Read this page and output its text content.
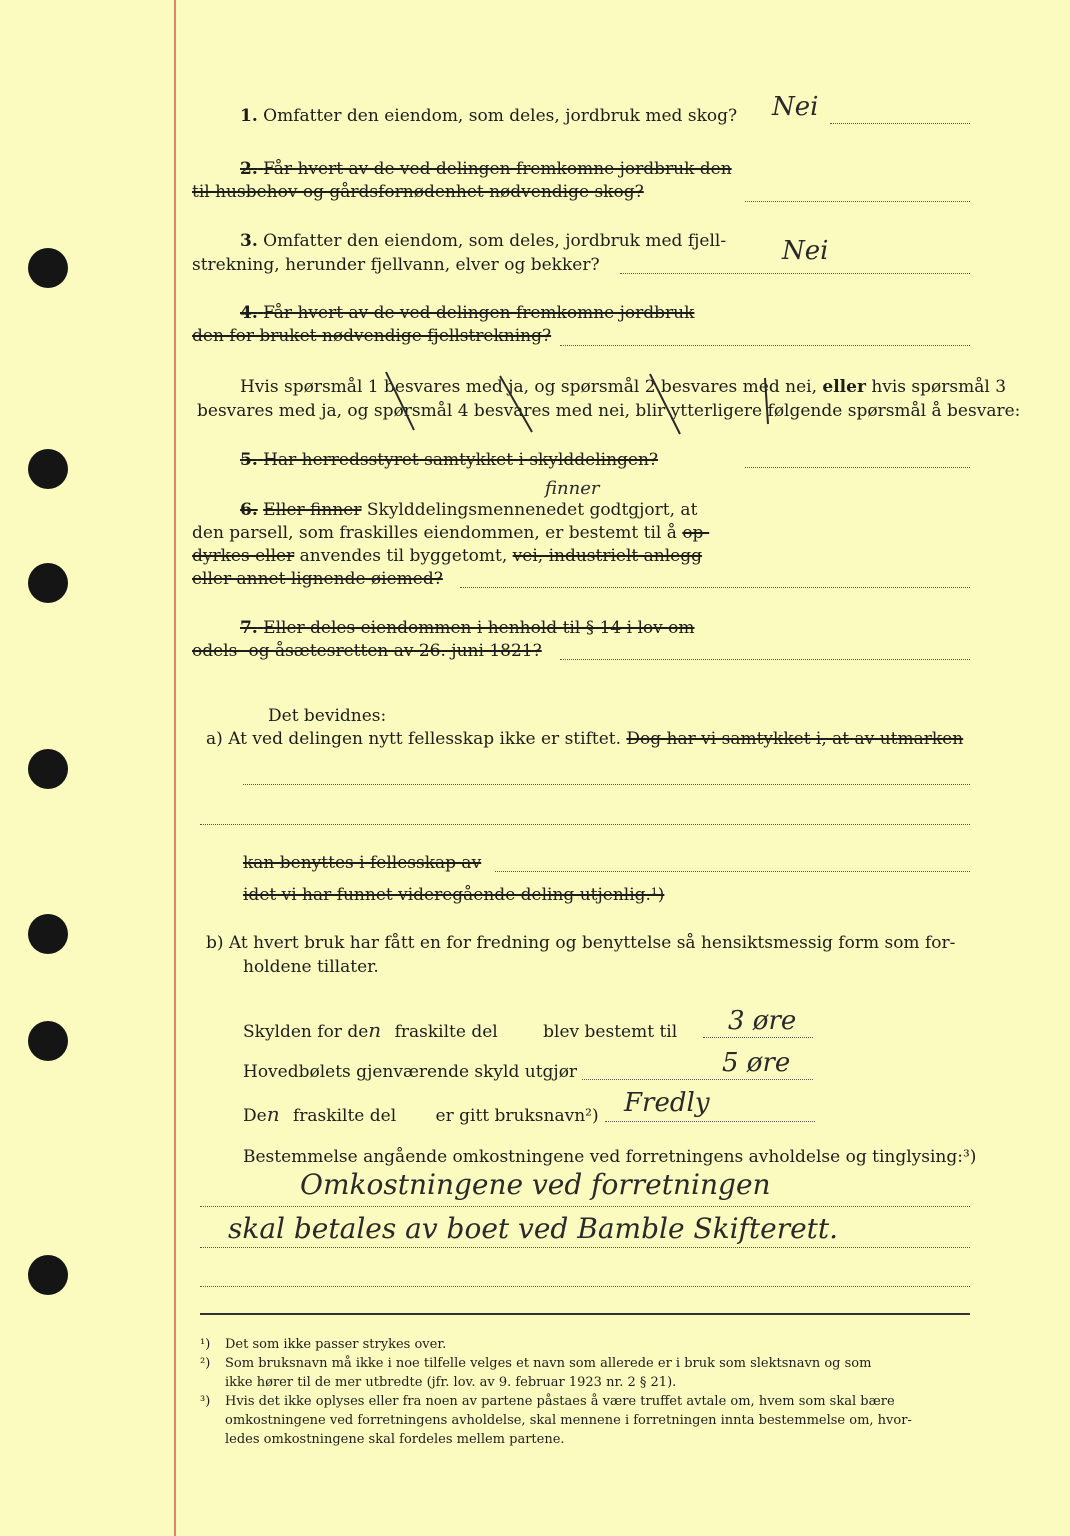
1. Omfatter den eiendom, som deles, jordbruk med skog? Nei
2. Får hvert av de ved delingen fremkomne jordbruk den
til husbehov og gårdsfornødenhet nødvendige skog?
3. Omfatter den eiendom, som deles, jordbruk med fjell-
strekning, herunder fjellvann, elver og bekker?	Nei
4. Får hvert av de ved delingen fremkomne jordbruk
den for bruket nødvendige fjellstrekning?
Hvis spørsmål 1 besvares med ja, og spørsmål 2 besvares med nei, eller hvis spørsmål 3
besvares med ja, og spørsmål 4 besvares med nei, blir ytterligere følgende spørsmål å besvare:
5. Har herredsstyret samtykket i skylddelingen?
6. Eller finner Skylddelingsmennenedet godtgjort, at
finner
den parsell, som fraskilles eiendommen, er bestemt til å op-
dyrkes eller anvendes til byggetomt, vei, industrielt anlegg
eller annet lignende øiemed?
7. Eller deles eiendommen i henhold til § 14 i lov om
odels- og åsætesretten av 26. juni 1821?
Det bevidnes:
a) At ved delingen nytt fellesskap ikke er stiftet. Dog har vi samtykket i, at av utmarken
kan benyttes i fellesskap av
idet vi har funnet videregående deling utjenlig.¹)
b) At hvert bruk har fått en for fredning og benyttelse så hensiktsmessig form som for-
holdene tillater.
Skylden for den fraskilte del	blev bestemt til 3 øre
Hovedbølets gjenværende skyld utgjør	5 øre
Den fraskilte del er gitt bruksnavn²) Fredly
Bestemmelse angående omkostningene ved forretningens avholdelse og tinglysing:³)
Omkostningene ved forretningen
skal betales av boet ved Bamble Skifterett.
¹) Det som ikke passer strykes over.
²) Som bruksnavn må ikke i noe tilfelle velges et navn som allerede er i bruk som slektsnavn og som
ikke hører til de mer utbredte (jfr. lov. av 9. februar 1923 nr. 2 § 21).
³) Hvis det ikke oplyses eller fra noen av partene påstaes å være truffet avtale om, hvem som skal bære
omkostningene ved forretningens avholdelse, skal mennene i forretningen innta bestemmelse om, hvor-
ledes omkostningene skal fordeles mellem partene.
